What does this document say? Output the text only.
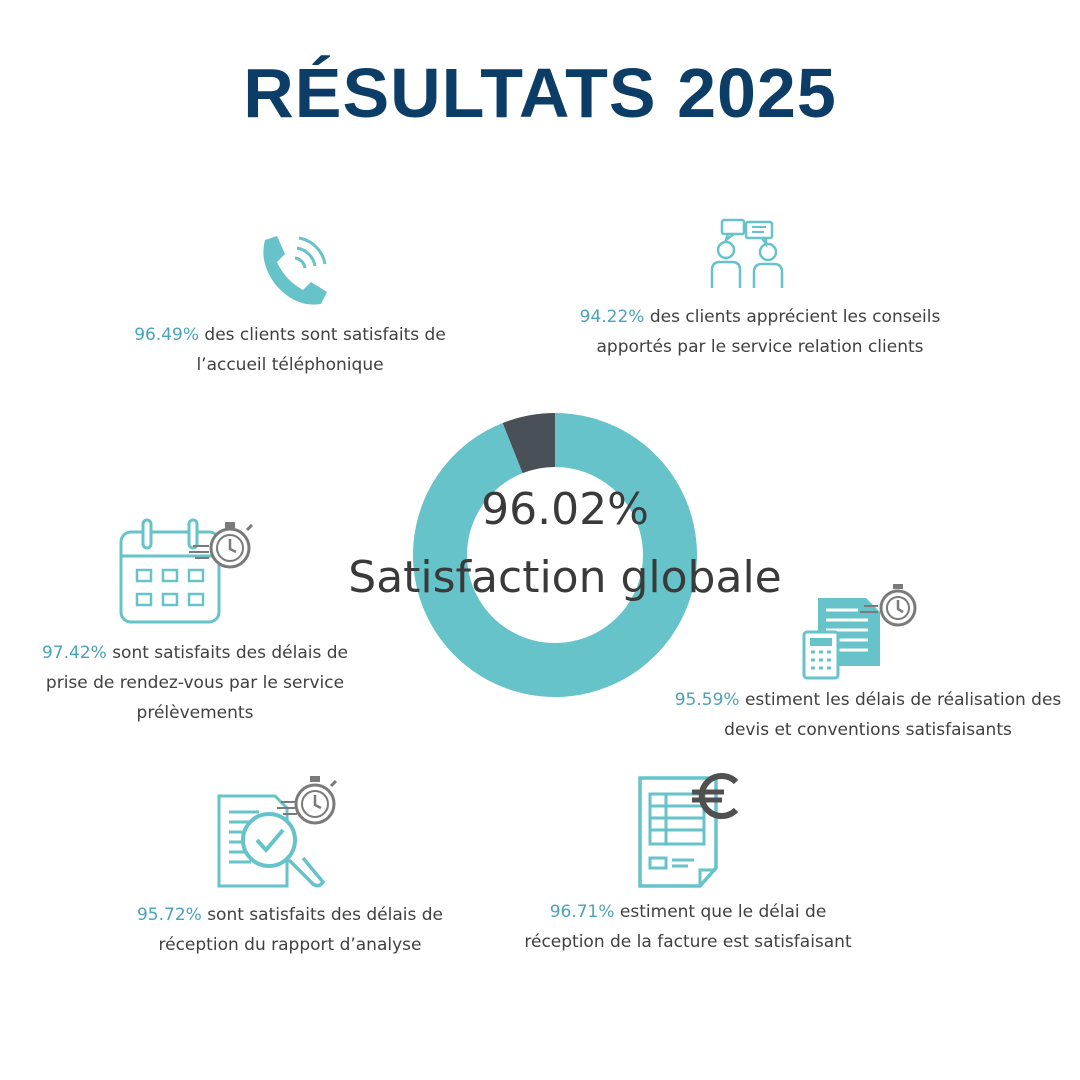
RÉSULTATS 2025
96.02%
Satisfaction globale
96.49% des clients sont satisfaits de
l’accueil téléphonique
94.22% des clients apprécient les conseils
apportés par le service relation clients
97.42% sont satisfaits des délais de
prise de rendez-vous par le service
prélèvements
95.59% estiment les délais de réalisation des
devis et conventions satisfaisants
95.72% sont satisfaits des délais de
réception du rapport d’analyse
96.71% estiment que le délai de
réception de la facture est satisfaisant
